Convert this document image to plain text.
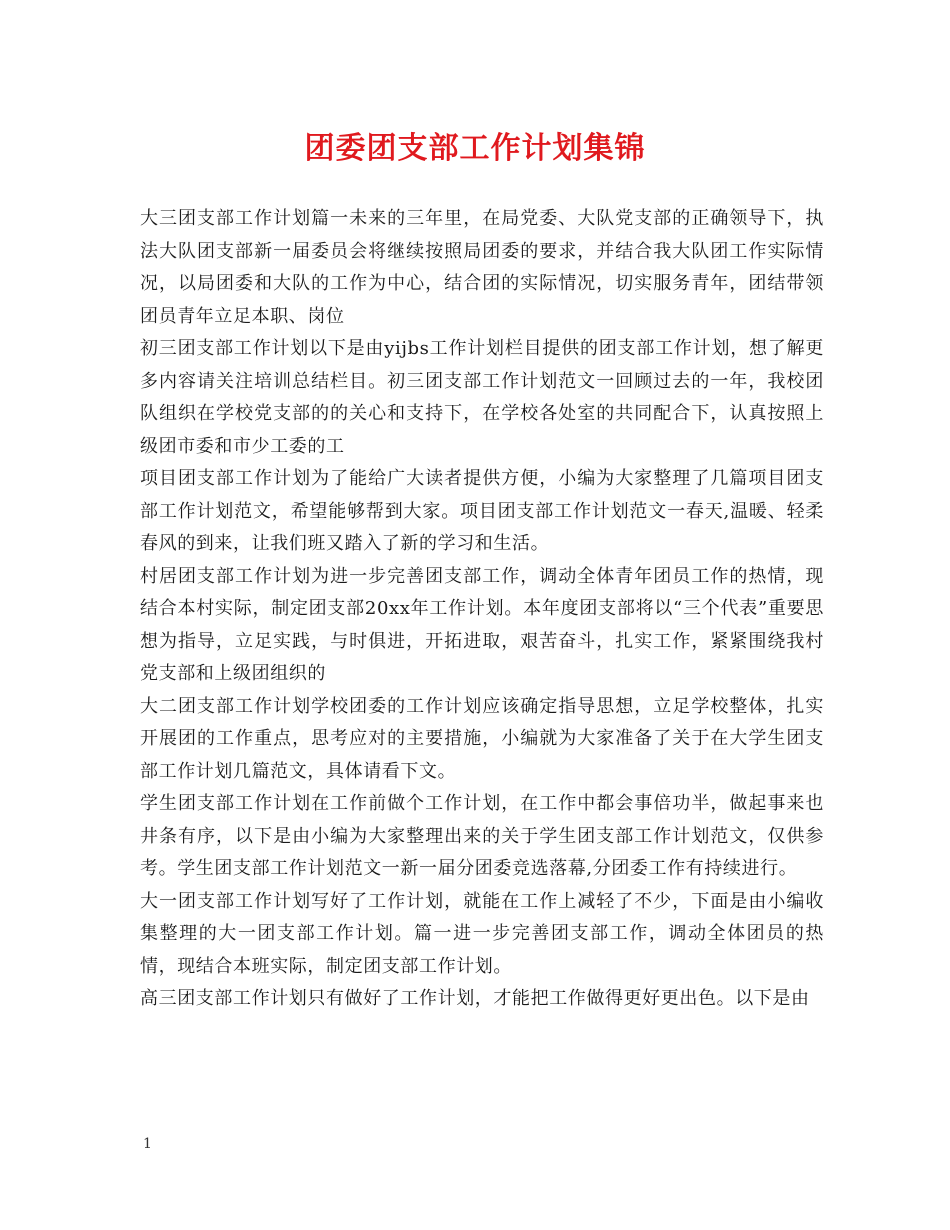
团委团支部工作计划集锦

大三团支部工作计划篇一未来的三年里，在局党委、大队党支部的正确领导下，执法大队团支部新一届委员会将继续按照局团委的要求，并结合我大队团工作实际情况，以局团委和大队的工作为中心，结合团的实际情况，切实服务青年，团结带领团员青年立足本职、岗位

初三团支部工作计划以下是由yijbs工作计划栏目提供的团支部工作计划，想了解更多内容请关注培训总结栏目。初三团支部工作计划范文一回顾过去的一年，我校团队组织在学校党支部的的关心和支持下，在学校各处室的共同配合下，认真按照上级团市委和市少工委的工

项目团支部工作计划为了能给广大读者提供方便，小编为大家整理了几篇项目团支部工作计划范文，希望能够帮到大家。项目团支部工作计划范文一春天,温暖、轻柔春风的到来，让我们班又踏入了新的学习和生活。

村居团支部工作计划为进一步完善团支部工作，调动全体青年团员工作的热情，现结合本村实际，制定团支部20xx年工作计划。本年度团支部将以“三个代表”重要思想为指导，立足实践，与时俱进，开拓进取，艰苦奋斗，扎实工作，紧紧围绕我村党支部和上级团组织的

大二团支部工作计划学校团委的工作计划应该确定指导思想，立足学校整体，扎实开展团的工作重点，思考应对的主要措施，小编就为大家准备了关于在大学生团支部工作计划几篇范文，具体请看下文。

学生团支部工作计划在工作前做个工作计划，在工作中都会事倍功半，做起事来也井条有序，以下是由小编为大家整理出来的关于学生团支部工作计划范文，仅供参考。学生团支部工作计划范文一新一届分团委竞选落幕,分团委工作有持续进行。

大一团支部工作计划写好了工作计划，就能在工作上减轻了不少，下面是由小编收集整理的大一团支部工作计划。篇一进一步完善团支部工作，调动全体团员的热情，现结合本班实际，制定团支部工作计划。

高三团支部工作计划只有做好了工作计划，才能把工作做得更好更出色。以下是由

1
